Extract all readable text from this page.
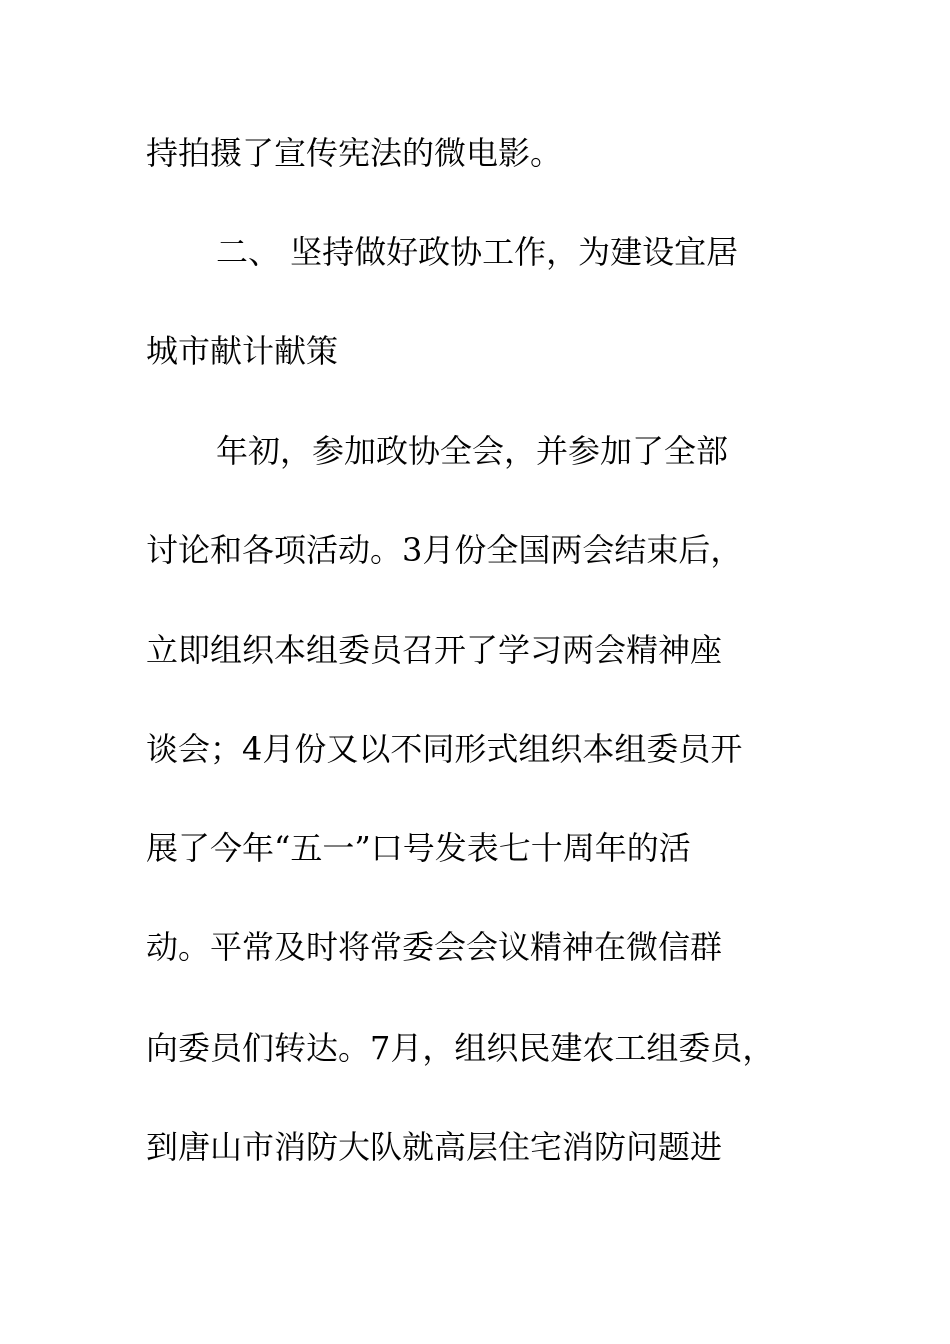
持拍摄了宣传宪法的微电影。

二、 坚持做好政协工作，为建设宜居

城市献计献策

年初，参加政协全会，并参加了全部

讨论和各项活动。3月份全国两会结束后，

立即组织本组委员召开了学习两会精神座

谈会；4月份又以不同形式组织本组委员开

展了今年“五一”口号发表七十周年的活

动。平常及时将常委会会议精神在微信群

向委员们转达。7月，组织民建农工组委员，

到唐山市消防大队就高层住宅消防问题进
